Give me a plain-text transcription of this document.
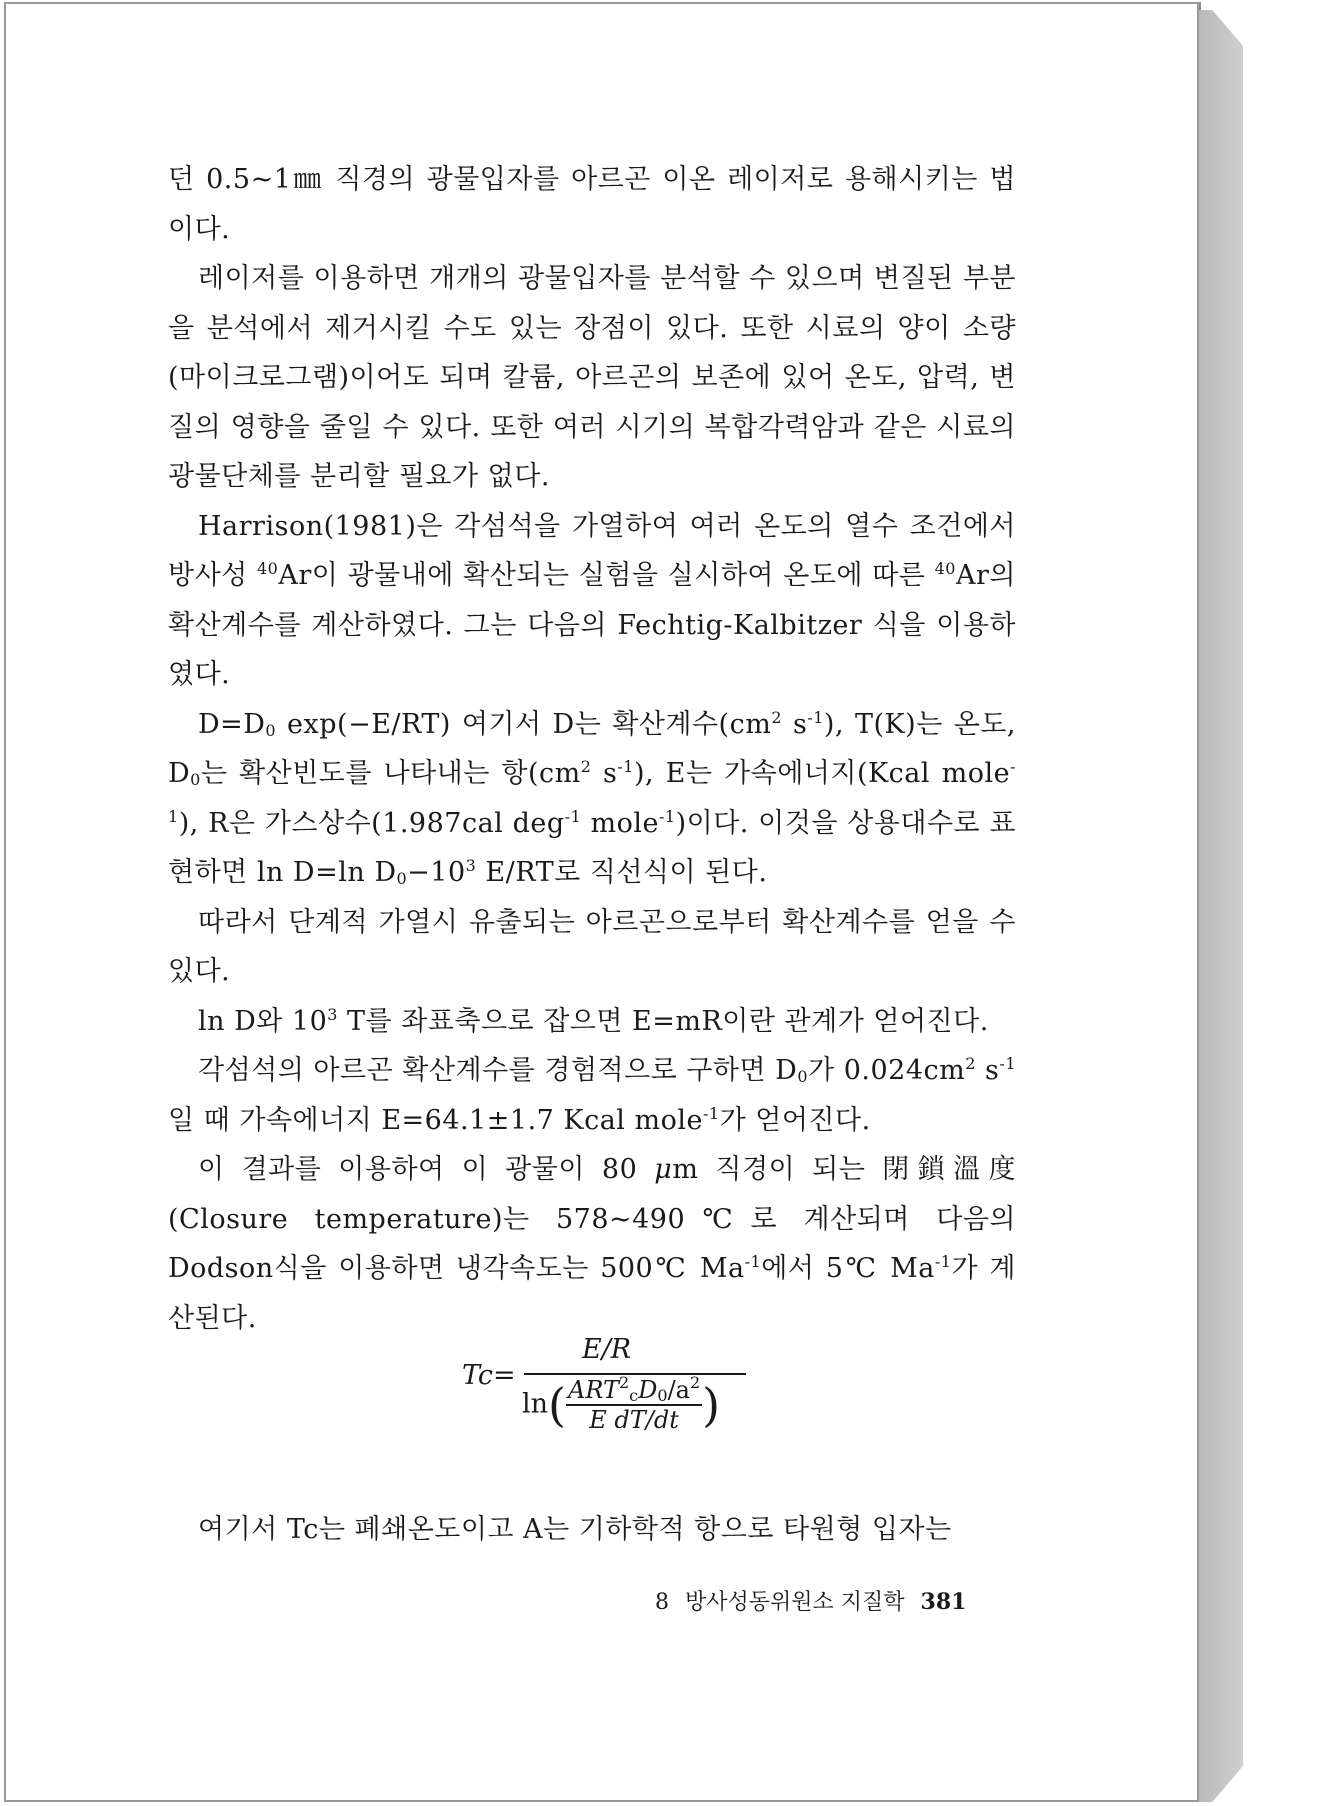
던 0.5~1㎜ 직경의 광물입자를 아르곤 이온 레이저로 용해시키는 법이다.

레이저를 이용하면 개개의 광물입자를 분석할 수 있으며 변질된 부분을 분석에서 제거시킬 수도 있는 장점이 있다. 또한 시료의 양이 소량(마이크로그램)이어도 되며 칼륨, 아르곤의 보존에 있어 온도, 압력, 변질의 영향을 줄일 수 있다. 또한 여러 시기의 복합각력암과 같은 시료의 광물단체를 분리할 필요가 없다.

Harrison(1981)은 각섬석을 가열하여 여러 온도의 열수 조건에서 방사성 $^{40}$Ar이 광물내에 확산되는 실험을 실시하여 온도에 따른 $^{40}$Ar의 확산계수를 계산하였다. 그는 다음의 Fechtig-Kalbitzer 식을 이용하였다.

$D=D_0$ exp(−E/RT) 여기서 D는 확산계수($cm^2$ $s^{-1}$), T(K)는 온도, $D_0$는 확산빈도를 나타내는 항($cm^2$ $s^{-1}$), E는 가속에너지(Kcal mole$^{-1}$), R은 가스상수(1.987cal deg$^{-1}$ mole$^{-1}$)이다. 이것을 상용대수로 표현하면 ln D=ln $D_0-10^3$ E/RT로 직선식이 된다.

따라서 단계적 가열시 유출되는 아르곤으로부터 확산계수를 얻을 수 있다.

ln D와 $10^3$ T를 좌표축으로 잡으면 E=mR이란 관계가 얻어진다.

각섬석의 아르곤 확산계수를 경험적으로 구하면 $D_0$가 $0.024cm^2$ $s^{-1}$ 일 때 가속에너지 E=64.1±1.7 Kcal mole$^{-1}$가 얻어진다.

이 결과를 이용하여 이 광물이 80 μm 직경이 되는 閉鎖溫度(Closure temperature)는 578~490℃로 계산되며 다음의 Dodson식을 이용하면 냉각속도는 500℃ $Ma^{-1}$에서 5℃ $Ma^{-1}$가 계산된다.

Tc=
E/R
$\ln( \frac{ART^2_cD_0/a^2}{\text{E dT/dt}}$ )
여기서 Tc는 폐쇄온도이고 A는 기하학적 항으로 타원형 입자는
8 방사성동위원소 지질학 381
